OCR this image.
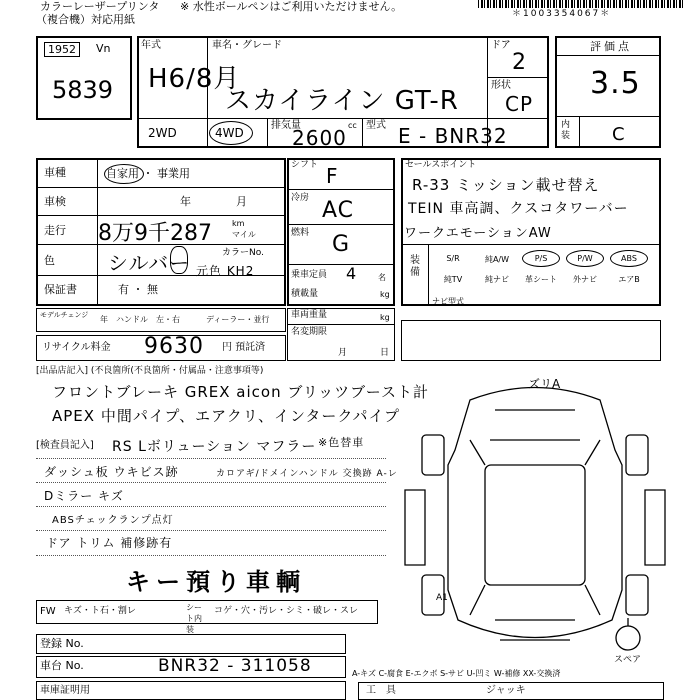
カラーレーザープリンタ ※ 水性ボールペンはご利用いただけません。
（複合機）対応用紙	＊1003354067＊
1952	Vn
5839
年式
H6/8月
車名・グレード
スカイライン GT-R
ドア
2
形状
CP
2WD	4WD
排気量
2600
cc 型式 E - BNR32
評価点
3.5
内装 C
車種	自家用 ・ 事業用
車検	年	月
走行 8万9千287	km
マイル
色	シルバー	カラーNo.
元色 KH2
保証書	有 ・ 無
シフト F
冷房 AC
燃料 G
乗車定員 4	名
積載量	kg
セールスポイント
R-33 ミッション載せ替え
TEIN 車高調、クスコタワーバー
ワークエモーションAW
装備
S/R	純A/W	P/S	P/W	ABS
純TV	純ナビ	革シート	外ナビ	エアB
ナビ型式
モデルチェンジ 年　ハンドル　左・右	ディーラー・並行
リサイクル料金 9630 円 預託済
車両重量	kg
名変期限
月	日
[出品店記入] (不良箇所(不良箇所・付属品・注意事項等)
フロントブレーキ GREX aicon ブリッツブースト計
APEX 中間パイプ、エアクリ、インタークパイプ
[検査員記入] RS Lボリューション マフラー ※色替車
ダッシュ板 ウキビス跡	カロアギ/ドメインハンドル 交換跡 A-レ
Dミラー キズ
ABSチェックランプ点灯
ドア トリム 補修跡有
キー預り車輌
FW キズ・ト石・割レ	シート内装
コゲ・穴・汚レ・シミ・破レ・スレ
登録 No.
車台 No.	BNR32 - 311058
車庫証明用
A-キズ C-腐食 E-エクボ S-サビ U-凹ミ W-補修 XX-交換済
工　具	ジャッキ
ズリA
A1
スペア
